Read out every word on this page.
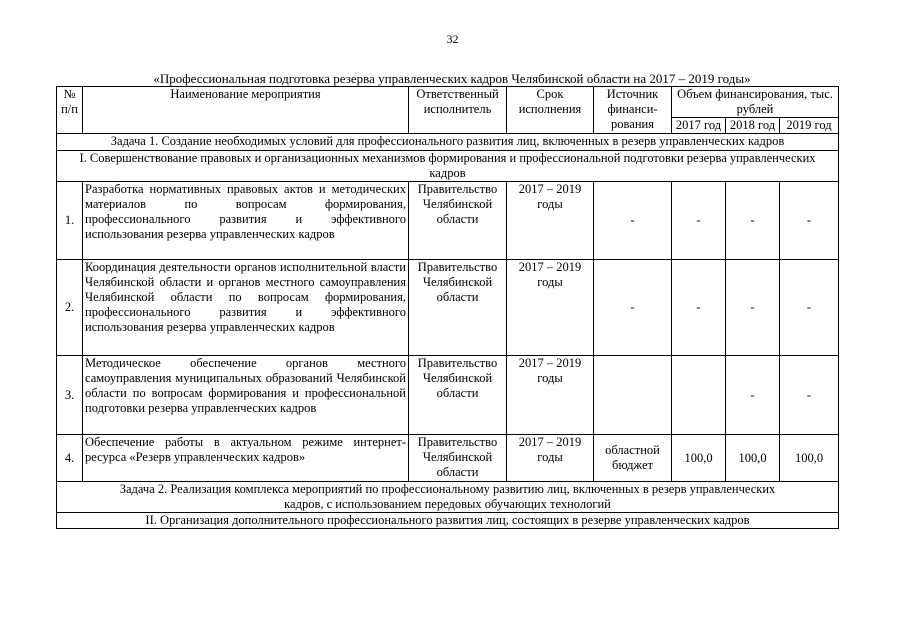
32
«Профессиональная подготовка резерва управленческих кадров Челябинской области на 2017 – 2019 годы»
№ п/п	Наименование мероприятия	Ответственный исполнитель	Срок исполнения	Источник финанси-рования	Объем финансирования, тыс. рублей		
					2017 год	2018 год	2019 год
Задача 1. Создание необходимых условий для профессионального развития лиц, включенных в резерв управленческих кадров							
I. Совершенствование правовых и организационных механизмов формирования и профессиональной подготовки резерва управленческих кадров							
1.	Разработка нормативных правовых актов и методических материалов по вопросам формирования, профессионального развития и эффективного использования резерва управленческих кадров	Правительство Челябинской области	2017 – 2019 годы	-	-	-	-
2.	Координация деятельности органов исполнительной власти Челябинской области и органов местного самоуправления Челябинской области по вопросам формирования, профессионального развития и эффективного использования резерва управленческих кадров	Правительство Челябинской области	2017 – 2019 годы	-	-	-	-
3.	Методическое обеспечение органов местного самоуправления муниципальных образований Челябинской области по вопросам формирования и профессиональной подготовки резерва управленческих кадров	Правительство Челябинской области	2017 – 2019 годы			-	-
4.	Обеспечение работы в актуальном режиме интернет-ресурса «Резерв управленческих кадров»	Правительство Челябинской области	2017 – 2019 годы	областной бюджет	100,0	100,0	100,0
Задача 2. Реализация комплекса мероприятий по профессиональному развитию лиц, включенных в резерв управленческих кадров, с использованием передовых обучающих технологий							
II. Организация дополнительного профессионального развития лиц, состоящих в резерве управленческих кадров							
